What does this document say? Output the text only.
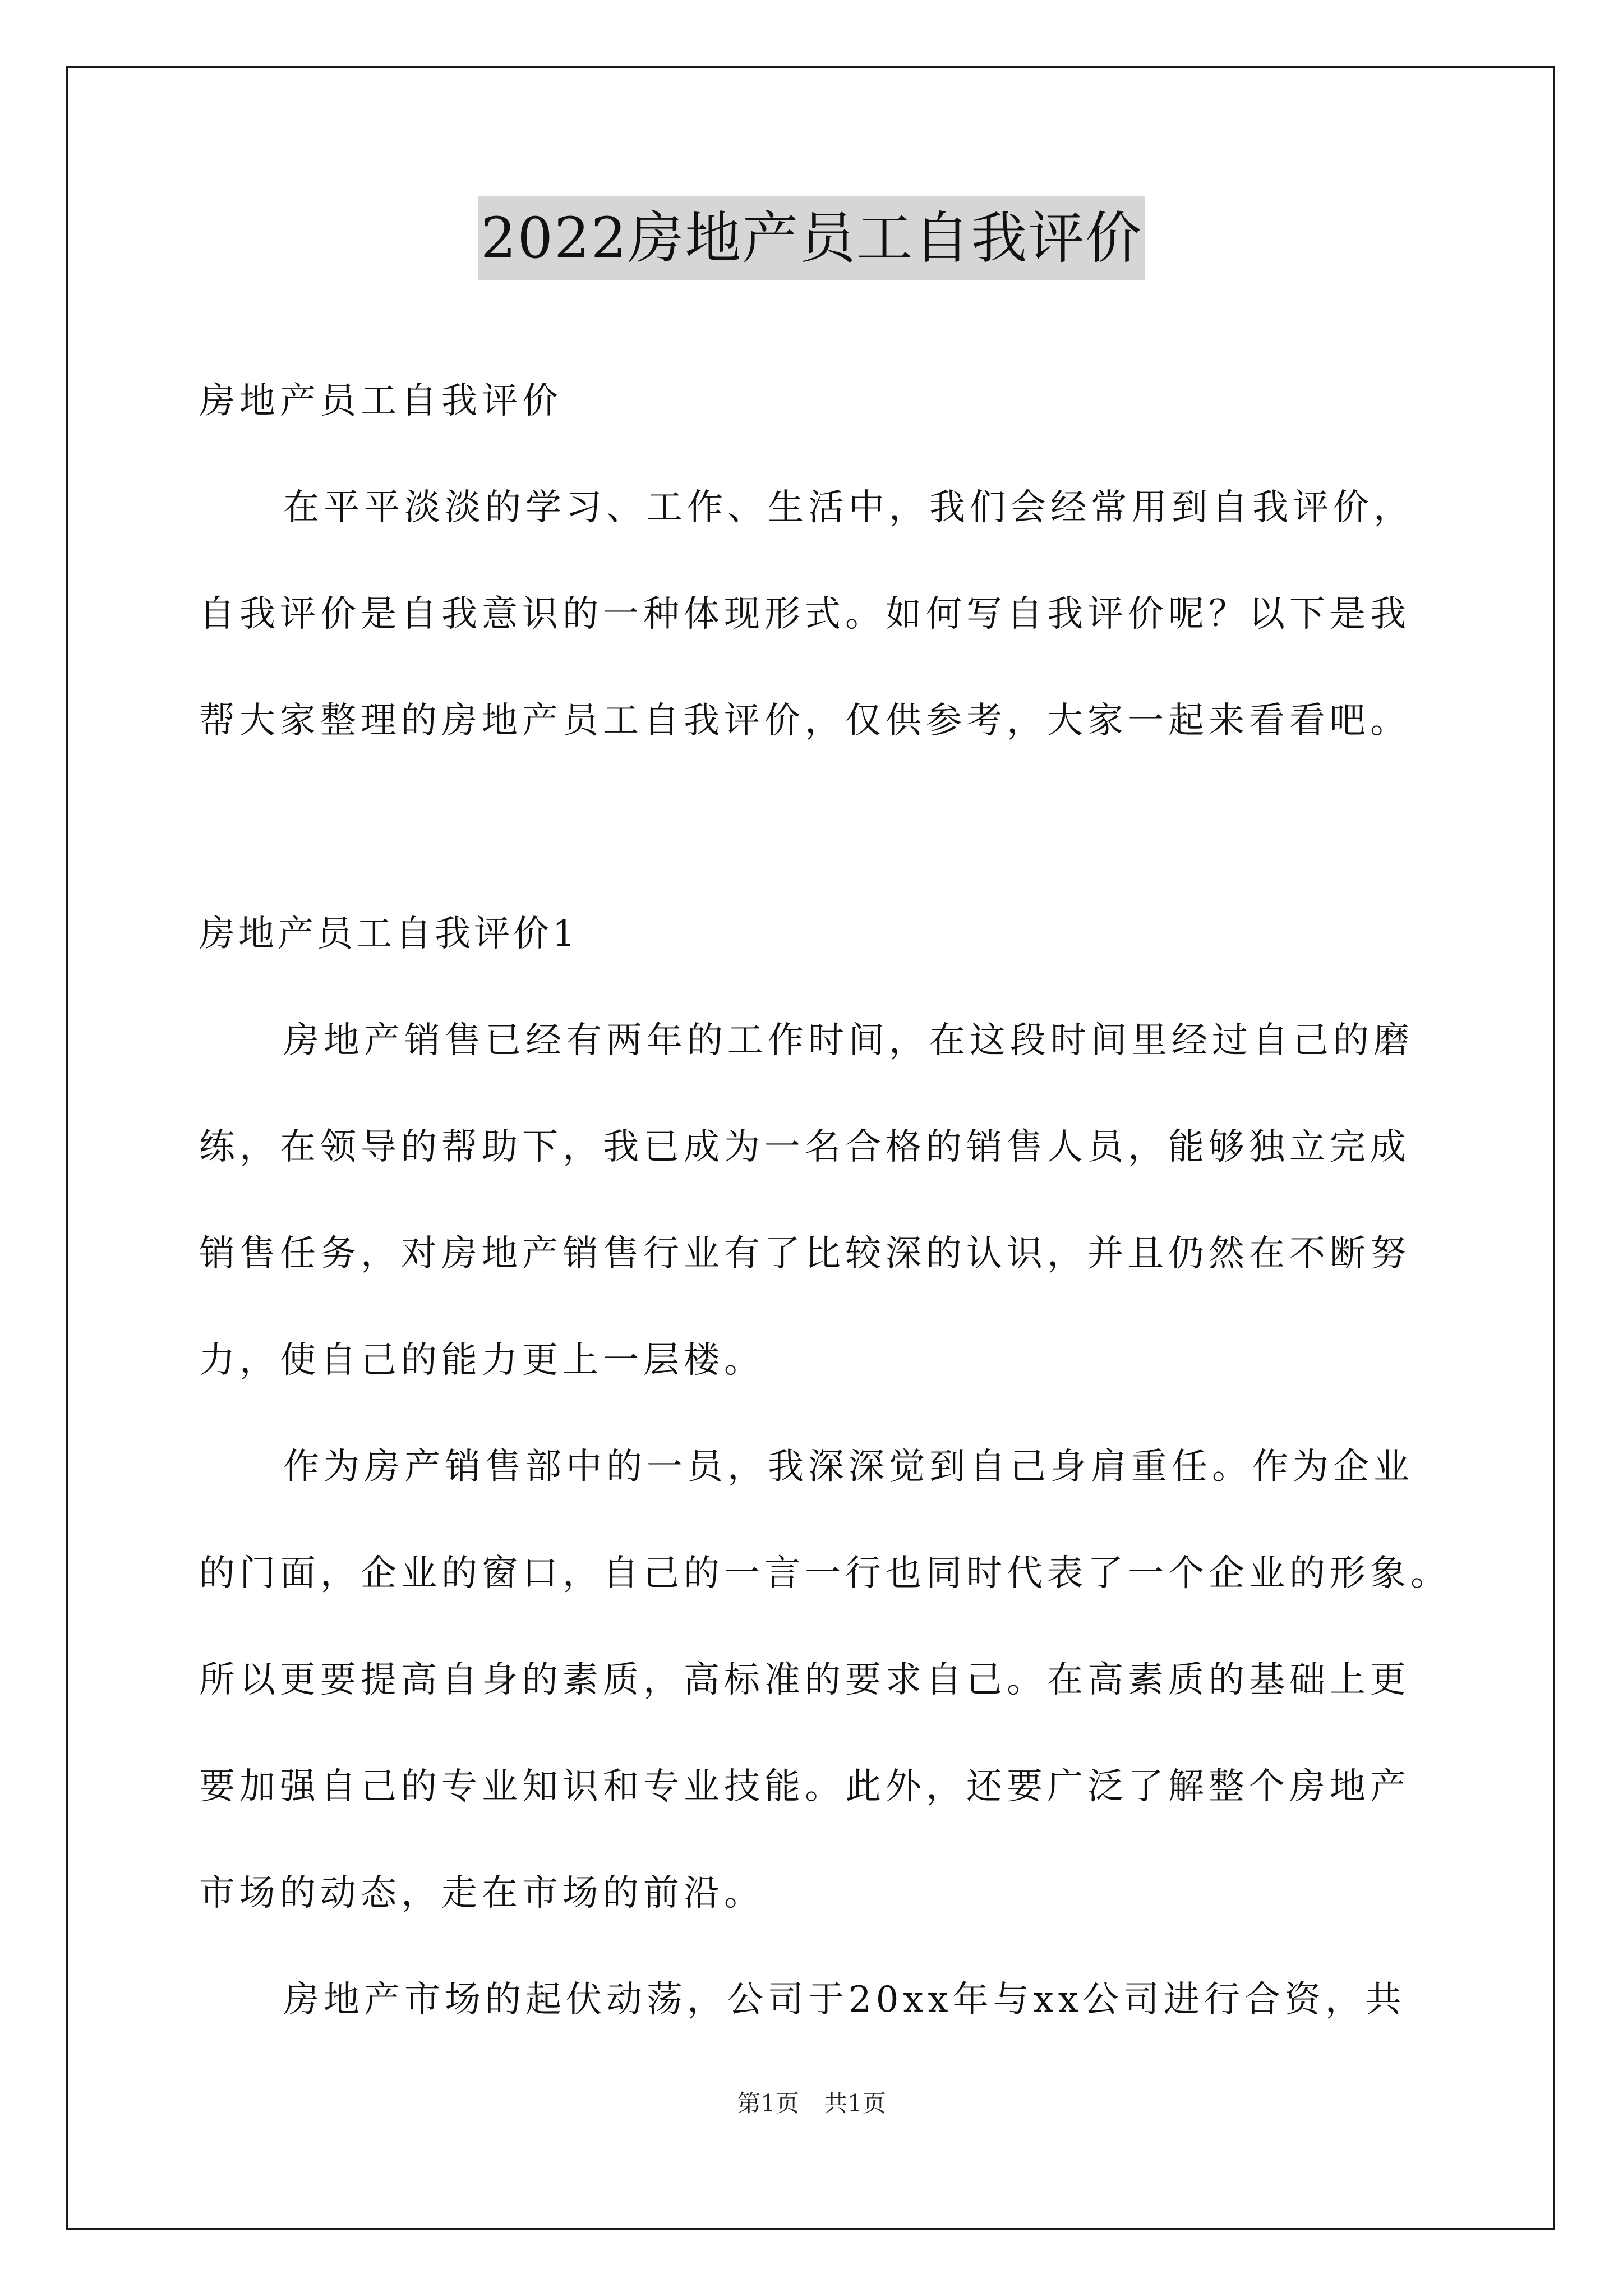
2022房地产员工自我评价
房地产员工自我评价
在平平淡淡的学习、工作、生活中，我们会经常用到自我评价，
自我评价是自我意识的一种体现形式。如何写自我评价呢？以下是我
帮大家整理的房地产员工自我评价，仅供参考，大家一起来看看吧。
房地产员工自我评价1
房地产销售已经有两年的工作时间，在这段时间里经过自己的磨
练，在领导的帮助下，我已成为一名合格的销售人员，能够独立完成
销售任务，对房地产销售行业有了比较深的认识，并且仍然在不断努
力，使自己的能力更上一层楼。
作为房产销售部中的一员，我深深觉到自己身肩重任。作为企业
的门面，企业的窗口，自己的一言一行也同时代表了一个企业的形象。
所以更要提高自身的素质，高标准的要求自己。在高素质的基础上更
要加强自己的专业知识和专业技能。此外，还要广泛了解整个房地产
市场的动态，走在市场的前沿。
房地产市场的起伏动荡，公司于20xx年与xx公司进行合资，共
第1页 共1页
